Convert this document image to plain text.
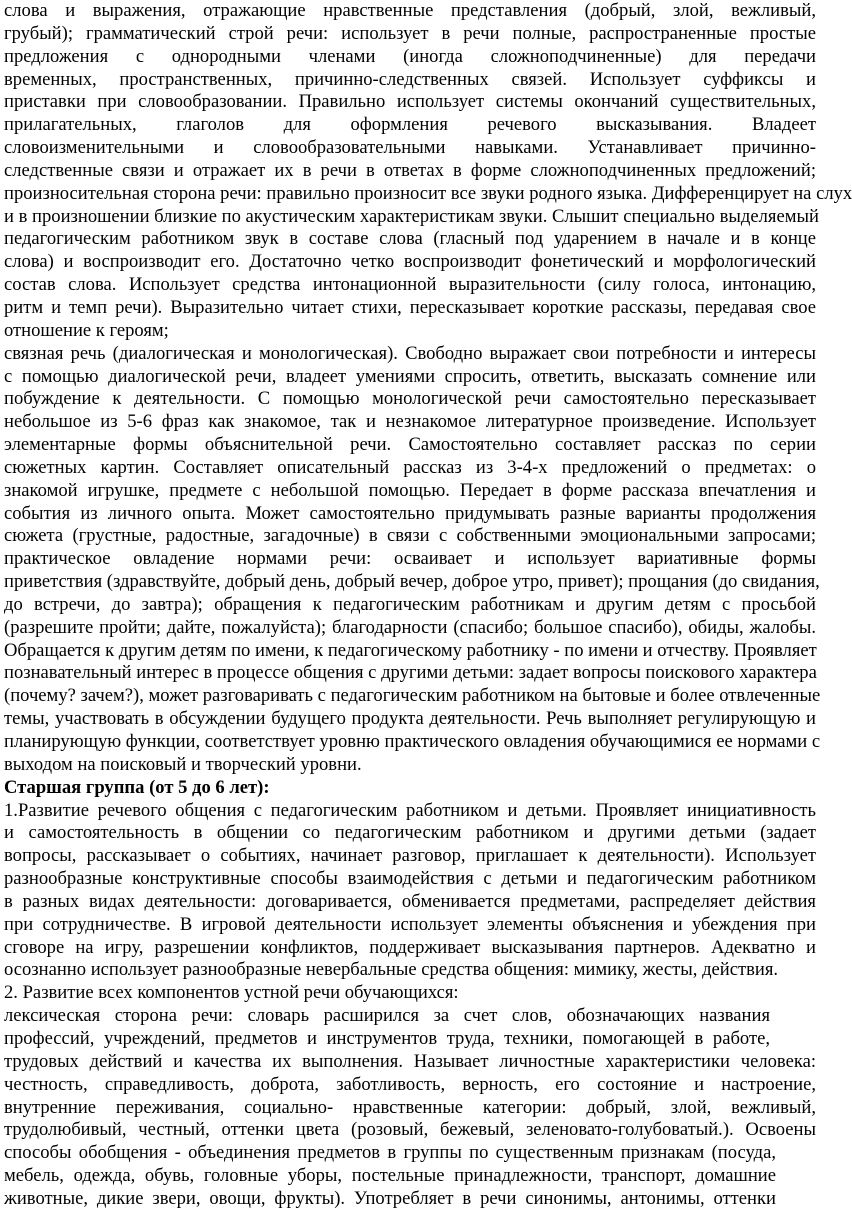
слова и выражения, отражающие нравственные представления (добрый, злой, вежливый,
грубый); грамматический строй речи: использует в речи полные, распространенные простые
предложения с однородными членами (иногда сложноподчиненные) для передачи
временных, пространственных, причинно-следственных связей. Использует суффиксы и
приставки при словообразовании. Правильно использует системы окончаний существительных,
прилагательных, глаголов для оформления речевого высказывания. Владеет
словоизменительными и словообразовательными навыками. Устанавливает причинно-
следственные связи и отражает их в речи в ответах в форме сложноподчиненных предложений;
произносительная сторона речи: правильно произносит все звуки родного языка. Дифференцирует на слух
и в произношении близкие по акустическим характеристикам звуки. Слышит специально выделяемый
педагогическим работником звук в составе слова (гласный под ударением в начале и в конце
слова) и воспроизводит его. Достаточно четко воспроизводит фонетический и морфологический
состав слова. Использует средства интонационной выразительности (силу голоса, интонацию,
ритм и темп речи). Выразительно читает стихи, пересказывает короткие рассказы, передавая свое
отношение к героям;
связная речь (диалогическая и монологическая). Свободно выражает свои потребности и интересы
с помощью диалогической речи, владеет умениями спросить, ответить, высказать сомнение или
побуждение к деятельности. С помощью монологической речи самостоятельно пересказывает
небольшое из 5-6 фраз как знакомое, так и незнакомое литературное произведение. Использует
элементарные формы объяснительной речи. Самостоятельно составляет рассказ по серии
сюжетных картин. Составляет описательный рассказ из 3-4-х предложений о предметах: о
знакомой игрушке, предмете с небольшой помощью. Передает в форме рассказа впечатления и
события из личного опыта. Может самостоятельно придумывать разные варианты продолжения
сюжета (грустные, радостные, загадочные) в связи с собственными эмоциональными запросами;
практическое овладение нормами речи: осваивает и использует вариативные формы
приветствия (здравствуйте, добрый день, добрый вечер, доброе утро, привет); прощания (до свидания,
до встречи, до завтра); обращения к педагогическим работникам и другим детям с просьбой
(разрешите пройти; дайте, пожалуйста); благодарности (спасибо; большое спасибо), обиды, жалобы.
Обращается к другим детям по имени, к педагогическому работнику - по имени и отчеству. Проявляет
познавательный интерес в процессе общения с другими детьми: задает вопросы поискового характера
(почему? зачем?), может разговаривать с педагогическим работником на бытовые и более отвлеченные
темы, участвовать в обсуждении будущего продукта деятельности. Речь выполняет регулирующую и
планирующую функции, соответствует уровню практического овладения обучающимися ее нормами с
выходом на поисковый и творческий уровни.
Старшая группа (от 5 до 6 лет):
1.Развитие речевого общения с педагогическим работником и детьми. Проявляет инициативность
и самостоятельность в общении со педагогическим работником и другими детьми (задает
вопросы, рассказывает о событиях, начинает разговор, приглашает к деятельности). Использует
разнообразные конструктивные способы взаимодействия с детьми и педагогическим работником
в разных видах деятельности: договаривается, обменивается предметами, распределяет действия
при сотрудничестве. В игровой деятельности использует элементы объяснения и убеждения при
сговоре на игру, разрешении конфликтов, поддерживает высказывания партнеров. Адекватно и
осознанно использует разнообразные невербальные средства общения: мимику, жесты, действия.
2. Развитие всех компонентов устной речи обучающихся:
лексическая сторона речи: словарь расширился за счет слов, обозначающих названия
профессий, учреждений, предметов и инструментов труда, техники, помогающей в работе,
трудовых действий и качества их выполнения. Называет личностные характеристики человека:
честность, справедливость, доброта, заботливость, верность, его состояние и настроение,
внутренние переживания, социально- нравственные категории: добрый, злой, вежливый,
трудолюбивый, честный, оттенки цвета (розовый, бежевый, зеленовато-голубоватый.). Освоены
способы обобщения - объединения предметов в группы по существенным признакам (посуда,
мебель, одежда, обувь, головные уборы, постельные принадлежности, транспорт, домашние
животные, дикие звери, овощи, фрукты). Употребляет в речи синонимы, антонимы, оттенки
